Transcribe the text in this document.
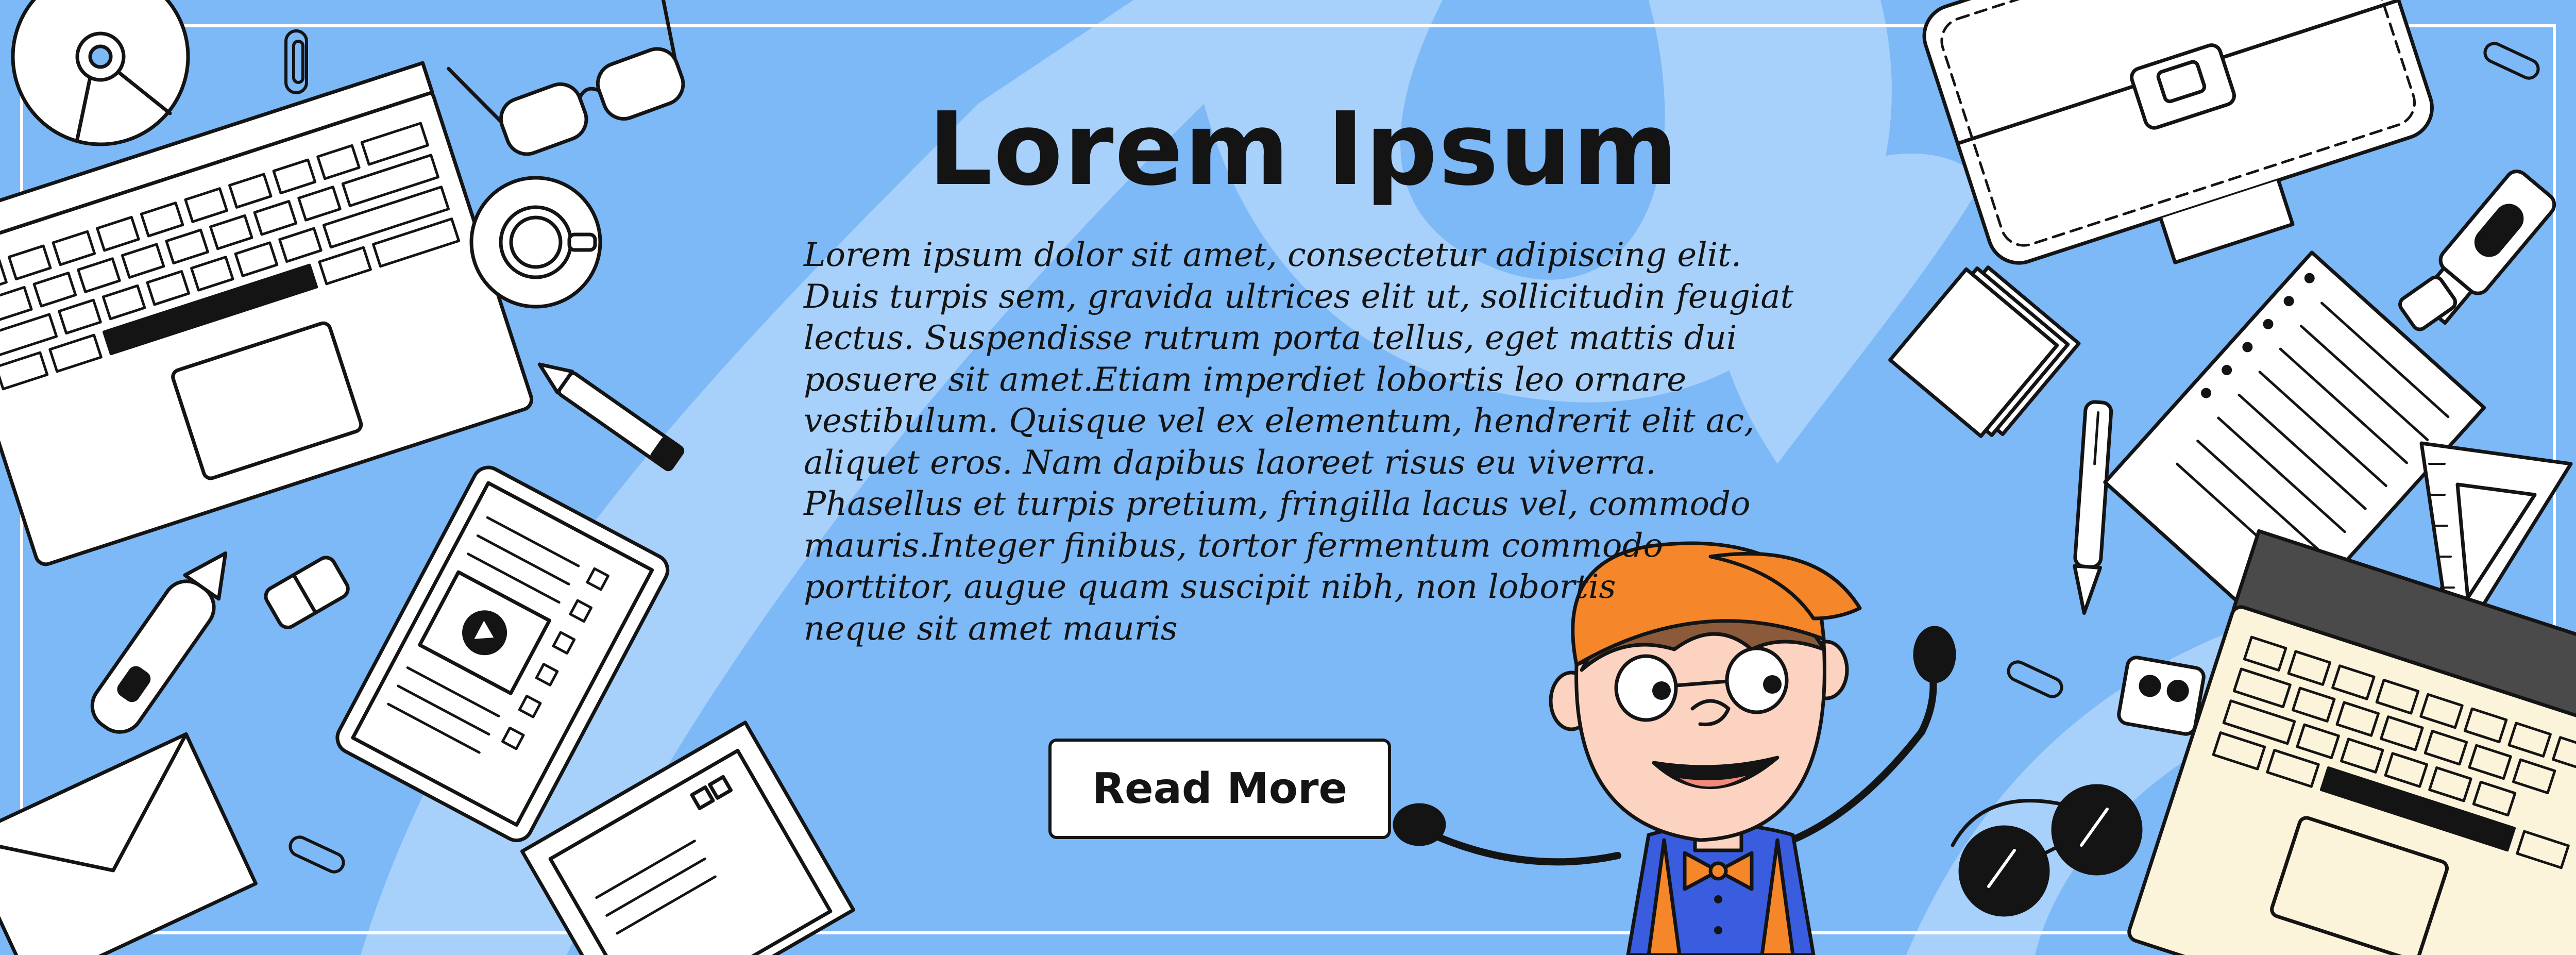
Lorem Ipsum

Lorem ipsum dolor sit amet, consectetur adipiscing elit.
Duis turpis sem, gravida ultrices elit ut, sollicitudin feugiat
lectus. Suspendisse rutrum porta tellus, eget mattis dui
posuere sit amet.Etiam imperdiet lobortis leo ornare
vestibulum. Quisque vel ex elementum, hendrerit elit ac,
aliquet eros. Nam dapibus laoreet risus eu viverra.
Phasellus et turpis pretium, fringilla lacus vel, commodo
mauris.Integer finibus, tortor fermentum commodo
porttitor, augue quam suscipit nibh, non lobortis
neque sit amet mauris

Read More
